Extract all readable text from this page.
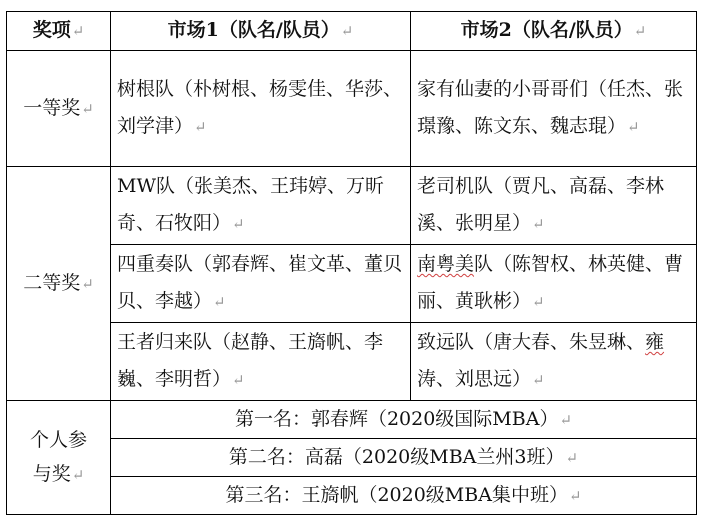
奖项↵	市场1（队名/队员）↵	市场2（队名/队员）↵
一等奖↵	树根队（朴树根、杨雯佳、华莎、刘学津）↵	家有仙妻的小哥哥们（任杰、张璟豫、陈文东、魏志琨）↵
二等奖↵	MW队（张美杰、王玮婷、万昕奇、石牧阳）↵	老司机队（贾凡、高磊、李林溪、张明星）↵
	四重奏队（郭春辉、崔文革、董贝贝、李越）↵	南粤美队（陈智权、林英健、曹丽、黄耿彬）↵
	王者归来队（赵静、王旖帆、李巍、李明哲）↵	致远队（唐大春、朱昱琳、雍涛、刘思远）↵
个人参
与奖↵	第一名：郭春辉（2020级国际MBA）↵	
	第二名：高磊（2020级MBA兰州3班）↵	
	第三名：王旖帆（2020级MBA集中班）↵	
